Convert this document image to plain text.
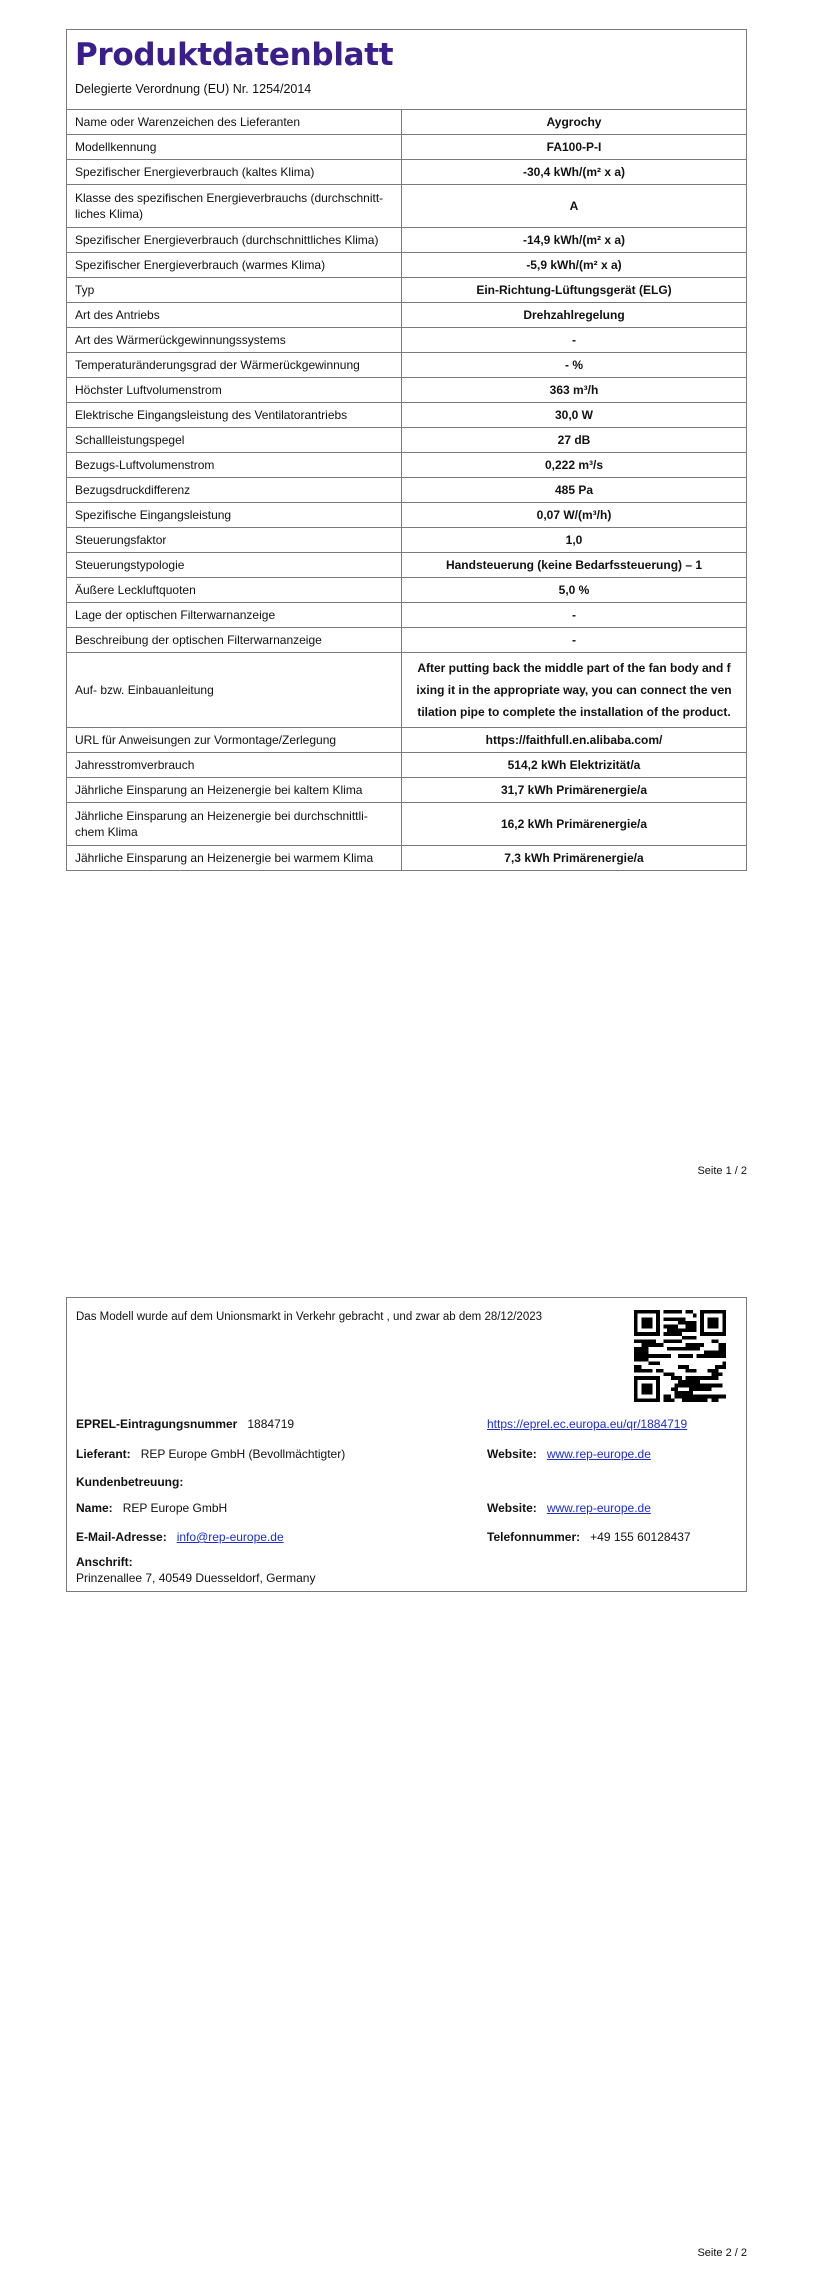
Produktdatenblatt
Delegierte Verordnung (EU) Nr. 1254/2014
Name oder Warenzeichen des Lieferanten	Aygrochy
Modellkennung	FA100-P-I
Spezifischer Energieverbrauch (kaltes Klima)	-30,4 kWh/(m² x a)
Klasse des spezifischen Energieverbrauchs (durchschnitt-liches Klima)	A
Spezifischer Energieverbrauch (durchschnittliches Klima)	-14,9 kWh/(m² x a)
Spezifischer Energieverbrauch (warmes Klima)	-5,9 kWh/(m² x a)
Typ	Ein-Richtung-Lüftungsgerät (ELG)
Art des Antriebs	Drehzahlregelung
Art des Wärmerückgewinnungssystems	-
Temperaturänderungsgrad der Wärmerückgewinnung	- %
Höchster Luftvolumenstrom	363 m³/h
Elektrische Eingangsleistung des Ventilatorantriebs	30,0 W
Schallleistungspegel	27 dB
Bezugs-Luftvolumenstrom	0,222 m³/s
Bezugsdruckdifferenz	485 Pa
Spezifische Eingangsleistung	0,07 W/(m³/h)
Steuerungsfaktor	1,0
Steuerungstypologie	Handsteuerung (keine Bedarfssteuerung) – 1
Äußere Leckluftquoten	5,0 %
Lage der optischen Filterwarnanzeige	-
Beschreibung der optischen Filterwarnanzeige	-
Auf- bzw. Einbauanleitung	After putting back the middle part of the fan body and f ixing it in the appropriate way, you can connect the ven tilation pipe to complete the installation of the product.
URL für Anweisungen zur Vormontage/Zerlegung	https://faithfull.en.alibaba.com/
Jahresstromverbrauch	514,2 kWh Elektrizität/a
Jährliche Einsparung an Heizenergie bei kaltem Klima	31,7 kWh Primärenergie/a
Jährliche Einsparung an Heizenergie bei durchschnittli-chem Klima	16,2 kWh Primärenergie/a
Jährliche Einsparung an Heizenergie bei warmem Klima	7,3 kWh Primärenergie/a
Seite 1 / 2
Das Modell wurde auf dem Unionsmarkt in Verkehr gebracht , und zwar ab dem 28/12/2023
EPREL-Eintragungsnummer 1884719	https://eprel.ec.europa.eu/qr/1884719
Lieferant: REP Europe GmbH (Bevollmächtigter)	Website: www.rep-europe.de
Kundenbetreuung:
Name: REP Europe GmbH	Website: www.rep-europe.de
E-Mail-Adresse: info@rep-europe.de	Telefonnummer: +49 155 60128437
Anschrift:
Prinzenallee 7, 40549 Duesseldorf, Germany
Seite 2 / 2
